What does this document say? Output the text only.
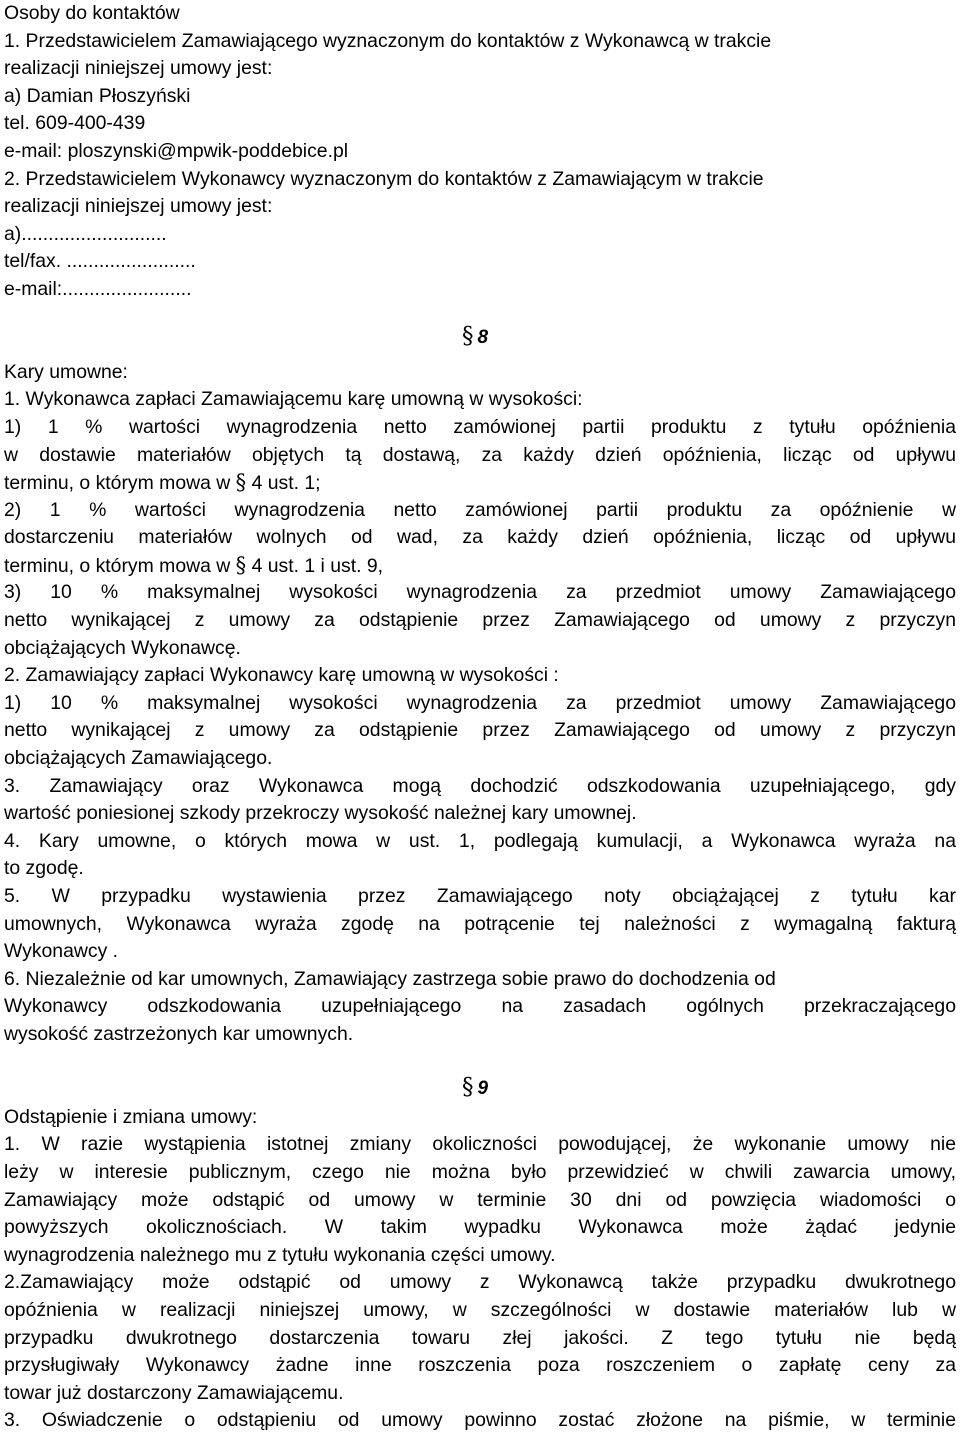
Osoby do kontaktów
1. Przedstawicielem Zamawiającego wyznaczonym do kontaktów z Wykonawcą w trakcie
realizacji niniejszej umowy jest:
a) Damian Płoszyński
tel. 609-400-439
e-mail: ploszynski@mpwik-poddebice.pl
2. Przedstawicielem Wykonawcy wyznaczonym do kontaktów z Zamawiającym w trakcie
realizacji niniejszej umowy jest:
a)...........................
tel/fax. ........................
e-mail:........................
§ 8
Kary umowne:
1. Wykonawca zapłaci Zamawiającemu karę umowną w wysokości:
1) 1 % wartości wynagrodzenia netto zamówionej partii produktu z tytułu opóźnienia
w dostawie materiałów objętych tą dostawą, za każdy dzień opóźnienia, licząc od upływu
terminu, o którym mowa w § 4 ust. 1;
2) 1 % wartości wynagrodzenia netto zamówionej partii produktu za opóźnienie w
dostarczeniu materiałów wolnych od wad, za każdy dzień opóźnienia, licząc od upływu
terminu, o którym mowa w § 4 ust. 1 i ust. 9,
3) 10 % maksymalnej wysokości wynagrodzenia za przedmiot umowy Zamawiającego
netto wynikającej z umowy za odstąpienie przez Zamawiającego od umowy z przyczyn
obciążających Wykonawcę.
2. Zamawiający zapłaci Wykonawcy karę umowną w wysokości :
1) 10 % maksymalnej wysokości wynagrodzenia za przedmiot umowy Zamawiającego
netto wynikającej z umowy za odstąpienie przez Zamawiającego od umowy z przyczyn
obciążających Zamawiającego.
3. Zamawiający oraz Wykonawca mogą dochodzić odszkodowania uzupełniającego, gdy
wartość poniesionej szkody przekroczy wysokość należnej kary umownej.
4. Kary umowne, o których mowa w ust. 1, podlegają kumulacji, a Wykonawca wyraża na
to zgodę.
5. W przypadku wystawienia przez Zamawiającego noty obciążającej z tytułu kar
umownych, Wykonawca wyraża zgodę na potrącenie tej należności z wymagalną fakturą
Wykonawcy .
6. Niezależnie od kar umownych, Zamawiający zastrzega sobie prawo do dochodzenia od
Wykonawcy odszkodowania uzupełniającego na zasadach ogólnych przekraczającego
wysokość zastrzeżonych kar umownych.
§ 9
Odstąpienie i zmiana umowy:
1. W razie wystąpienia istotnej zmiany okoliczności powodującej, że wykonanie umowy nie
leży w interesie publicznym, czego nie można było przewidzieć w chwili zawarcia umowy,
Zamawiający może odstąpić od umowy w terminie 30 dni od powzięcia wiadomości o
powyższych okolicznościach. W takim wypadku Wykonawca może żądać jedynie
wynagrodzenia należnego mu z tytułu wykonania części umowy.
2.Zamawiający może odstąpić od umowy z Wykonawcą także przypadku dwukrotnego
opóźnienia w realizacji niniejszej umowy, w szczególności w dostawie materiałów lub w
przypadku dwukrotnego dostarczenia towaru złej jakości. Z tego tytułu nie będą
przysługiwały Wykonawcy żadne inne roszczenia poza roszczeniem o zapłatę ceny za
towar już dostarczony Zamawiającemu.
3. Oświadczenie o odstąpieniu od umowy powinno zostać złożone na piśmie, w terminie
